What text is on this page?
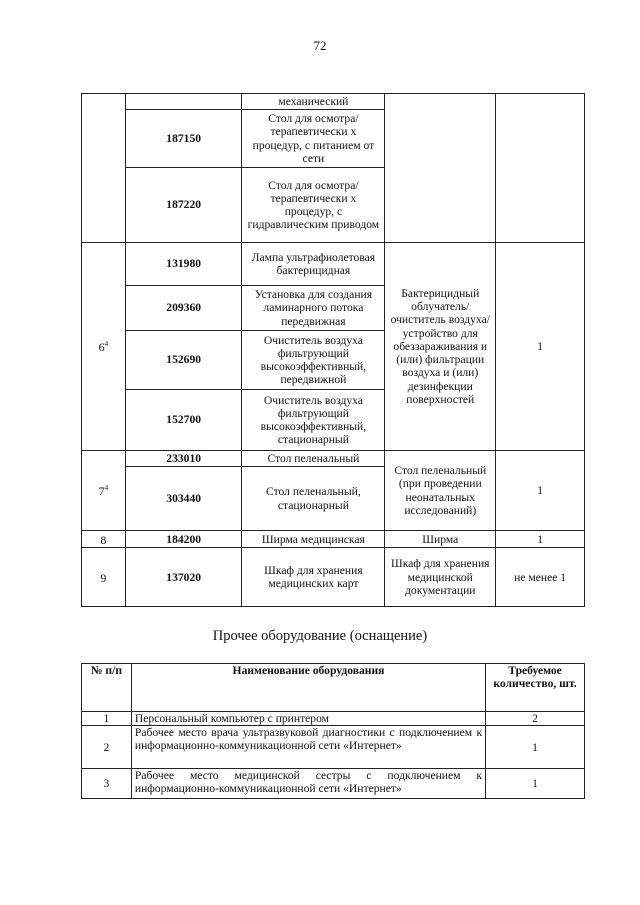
72
		механический		
	187150	Стол для осмотра/терапевтически х процедур, с питанием от сети		
	187220	Стол для осмотра/терапевтически х процедур, с гидравлическим приводом		
$6^4$	131980	Лампа ультрафиолетовая бактерицидная	Бактерицидный облучатель/ очиститель воздуха/ устройство для обеззараживания и (или) фильтрации воздуха и (или) дезинфекции поверхностей	1
	209360	Установка для создания ламинарного потока передвижная		
	152690	Очиститель воздуха фильтрующий высокоэффективный, передвижной		
	152700	Очиститель воздуха фильтрующий высокоэффективный, стационарный		
$7^4$	233010	Стол пеленальный	Стол пеленальный (при проведении неонатальных исследований)	1
	303440	Стол пеленальный, стационарный		
8	184200	Ширма медицинская	Ширма	1
9	137020	Шкаф для хранения медицинских карт	Шкаф для хранения медицинской документации	не менее 1
Прочее оборудование (оснащение)
№ п/п	Наименование оборудования	Требуемое количество, шт.
1	Персональный компьютер с принтером	2
2	Рабочее место врача ультразвуковой диагностики с подключением к информационно-коммуникационной сети «Интернет»	1
3	Рабочее место медицинской сестры с подключением к информационно-коммуникационной сети «Интернет»	1
